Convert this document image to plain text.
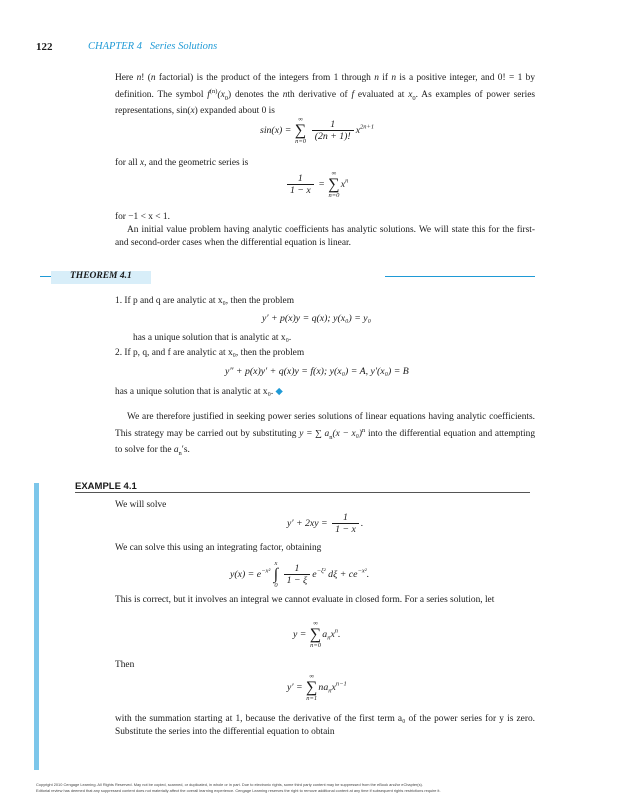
122	CHAPTER 4 Series Solutions
Here n! (n factorial) is the product of the integers from 1 through n if n is a positive integer, and 0! = 1 by definition. The symbol $f^{(n)}(x_0)$ denotes the nth derivative of f evaluated at $x_0$. As examples of power series representations, sin(x) expanded about 0 is
sin(x) =
∞
∑
n=0
$\frac{1}{(2n + 1)!} x^{2n+1}$
for all x, and the geometric series is
$\frac{1}{1 - x}$ =
∞
∑
n=0
$x^n$
for −1 < x < 1.
An initial value problem having analytic coefficients has analytic solutions. We will state this for the first- and second-order cases when the differential equation is linear.
THEOREM 4.1
1. If p and q are analytic at x₀, then the problem
y′ + p(x)y = q(x); y(x₀) = y₀
has a unique solution that is analytic at x₀.
2. If p, q, and f are analytic at x₀, then the problem
y″ + p(x)y′ + q(x)y = f(x); y(x₀) = A, y′(x₀) = B
has a unique solution that is analytic at x₀. ◆
We are therefore justified in seeking power series solutions of linear equations having analytic coefficients. This strategy may be carried out by substituting y = ∑ $a_n(x - x_0)^n$ into the differential equation and attempting to solve for the $a_n's$.
EXAMPLE 4.1
We will solve
$y' + 2xy = \frac{1}{1 - x}$ .
We can solve this using an integrating factor, obtaining
$y(x) = e^{-x^2}$
x
∫
0
$\frac{1}{1 - \xi} e^{-\xi^2}$ $d\xi + ce^{-x^2}$.
This is correct, but it involves an integral we cannot evaluate in closed form. For a series solution, let
y =
∞
∑
n=0
$a_nx^n$.
Then
y′ =
∞
∑
n=1
$na_nx^{n-1}$
with the summation starting at 1, because the derivative of the first term a₀ of the power series for y is zero. Substitute the series into the differential equation to obtain
Copyright 2010 Cengage Learning. All Rights Reserved. May not be copied, scanned, or duplicated, in whole or in part. Due to electronic rights, some third party content may be suppressed from the eBook and/or eChapter(s).
Editorial review has deemed that any suppressed content does not materially affect the overall learning experience. Cengage Learning reserves the right to remove additional content at any time if subsequent rights restrictions require it.
